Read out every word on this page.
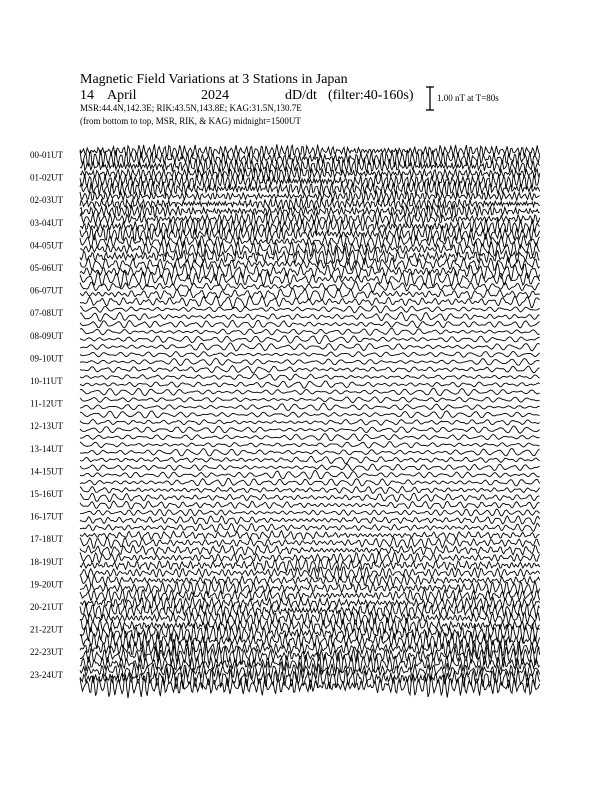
Magnetic Field Variations at 3 Stations in Japan
14 April	2024	dD/dt (filter:40-160s)
MSR:44.4N,142.3E; RIK:43.5N,143.8E; KAG:31.5N,130.7E
(from bottom to top, MSR, RIK, & KAG) midnight=1500UT
1.00 nT at T=80s
00-01UT
01-02UT
02-03UT
03-04UT
04-05UT
05-06UT
06-07UT
07-08UT
08-09UT
09-10UT
10-11UT
11-12UT
12-13UT
13-14UT
14-15UT
15-16UT
16-17UT
17-18UT
18-19UT
19-20UT
20-21UT
21-22UT
22-23UT
23-24UT
